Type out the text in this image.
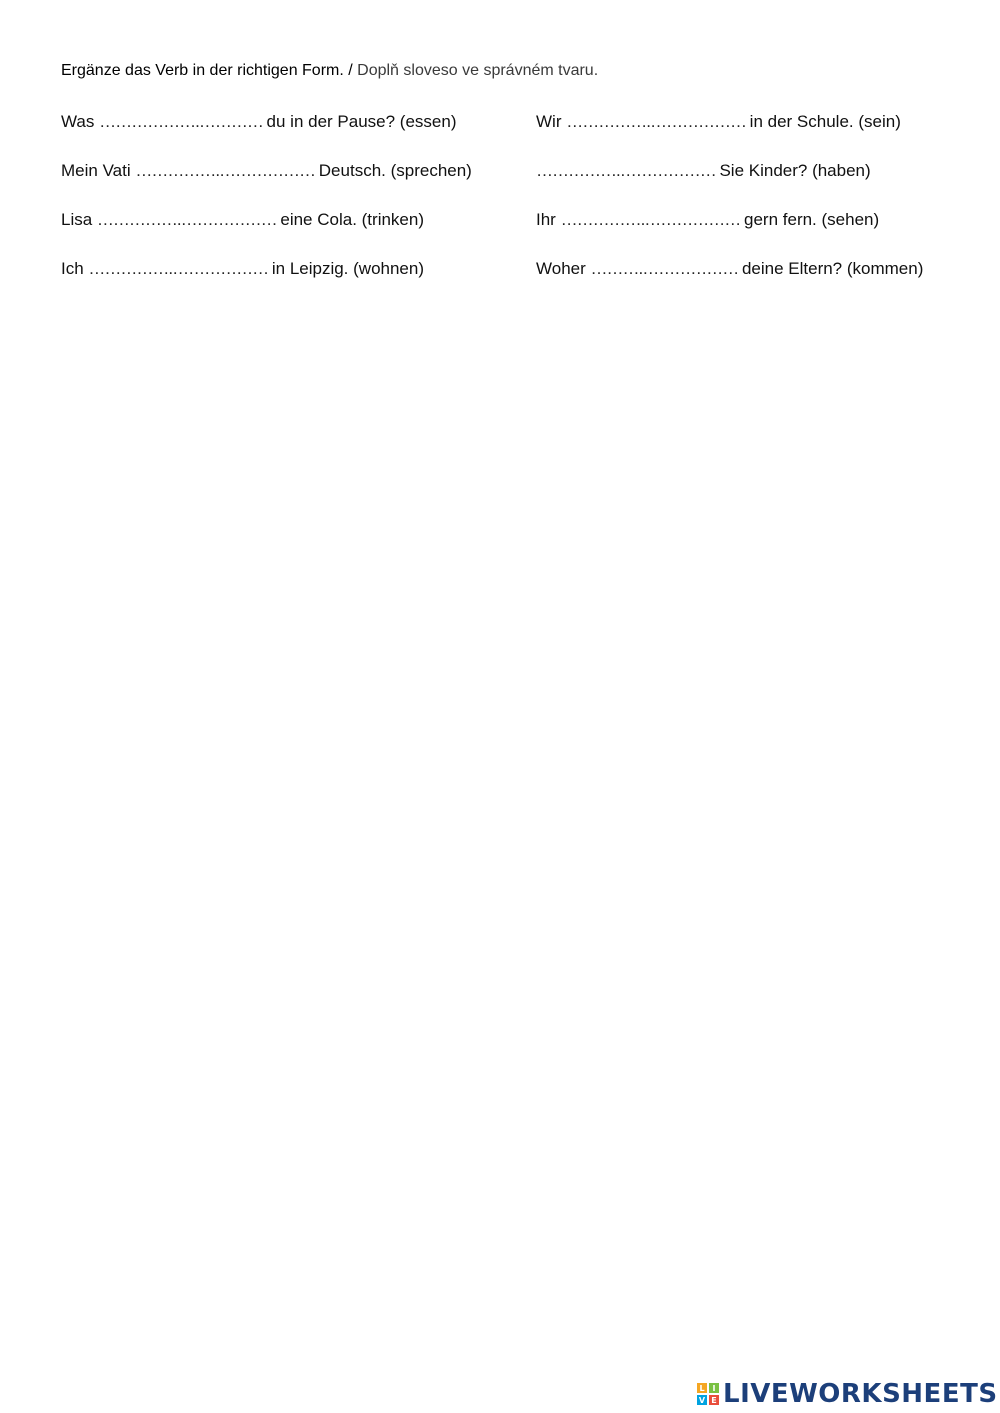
Ergänze das Verb in der richtigen Form. / Doplň sloveso ve správném tvaru.
Was ……………….………… du in der Pause? (essen)
Mein Vati …………….……………… Deutsch. (sprechen)
Lisa …………….……………… eine Cola. (trinken)
Ich …………….……………… in Leipzig. (wohnen)
Wir …………….……………… in der Schule. (sein)
…………….……………… Sie Kinder? (haben)
Ihr …………….……………… gern fern. (sehen)
Woher ……….……………… deine Eltern? (kommen)
L I
V E LIVEWORKSHEETS
